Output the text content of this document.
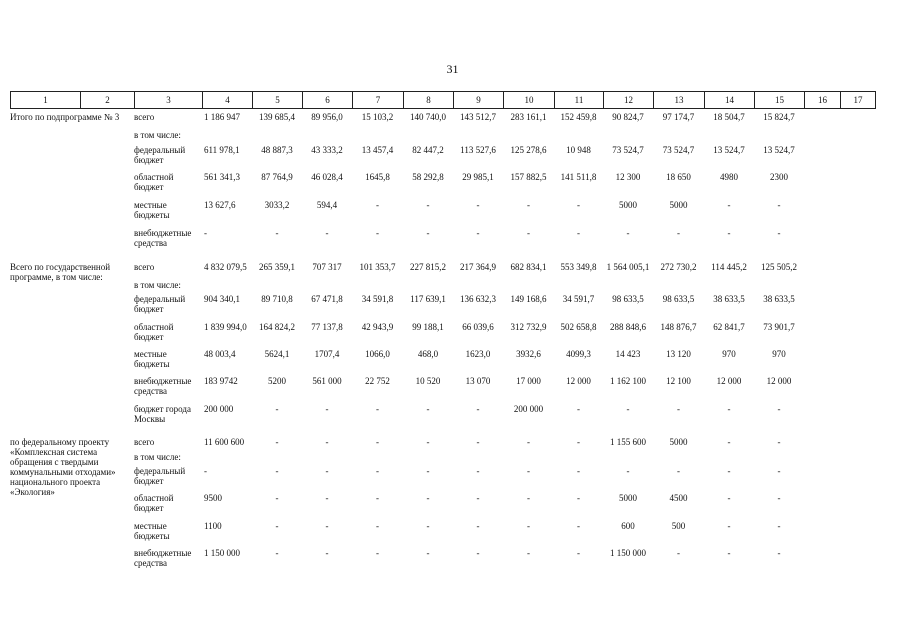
31
1	2	3	4	5	6	7	8	9	10	11	12	13	14	15	16	17
Итого по подпрограмме № 3	всего	1 186 947	139 685,4	89 956,0	15 103,2	140 740,0	143 512,7	283 161,1	152 459,8	90 824,7	97 174,7	18 504,7	15 824,7		
	в том числе:														
	федеральный бюджет	611 978,1	48 887,3	43 333,2	13 457,4	82 447,2	113 527,6	125 278,6	10 948	73 524,7	73 524,7	13 524,7	13 524,7		
	областной бюджет	561 341,3	87 764,9	46 028,4	1645,8	58 292,8	29 985,1	157 882,5	141 511,8	12 300	18 650	4980	2300		
	местные бюджеты	13 627,6	3033,2	594,4	-	-	-	-	-	5000	5000	-	-		
	внебюджетные средства	-	-	-	-	-	-	-	-	-	-	-	-		

Всего по государственной программе, в том числе:	всего	4 832 079,5	265 359,1	707 317	101 353,7	227 815,2	217 364,9	682 834,1	553 349,8	1 564 005,1	272 730,2	114 445,2	125 505,2		
	в том числе:														
	федеральный бюджет	904 340,1	89 710,8	67 471,8	34 591,8	117 639,1	136 632,3	149 168,6	34 591,7	98 633,5	98 633,5	38 633,5	38 633,5		
	областной бюджет	1 839 994,0	164 824,2	77 137,8	42 943,9	99 188,1	66 039,6	312 732,9	502 658,8	288 848,6	148 876,7	62 841,7	73 901,7		
	местные бюджеты	48 003,4	5624,1	1707,4	1066,0	468,0	1623,0	3932,6	4099,3	14 423	13 120	970	970		
	внебюджетные средства	183 9742	5200	561 000	22 752	10 520	13 070	17 000	12 000	1 162 100	12 100	12 000	12 000		
	бюджет города Москвы	200 000	-	-	-	-	-	200 000	-	-	-	-	-		

по федеральному проекту «Комплексная система обращения с твердыми коммунальными отходами» национального проекта «Экология»	всего	11 600 600	-	-	-	-	-	-	-	1 155 600	5000	-	-		
	в том числе:														
	федеральный бюджет	-	-	-	-	-	-	-	-	-	-	-	-		
	областной бюджет	9500	-	-	-	-	-	-	-	5000	4500	-	-		
	местные бюджеты	1100	-	-	-	-	-	-	-	600	500	-	-		
	внебюджетные средства	1 150 000	-	-	-	-	-	-	-	1 150 000	-	-	-		
